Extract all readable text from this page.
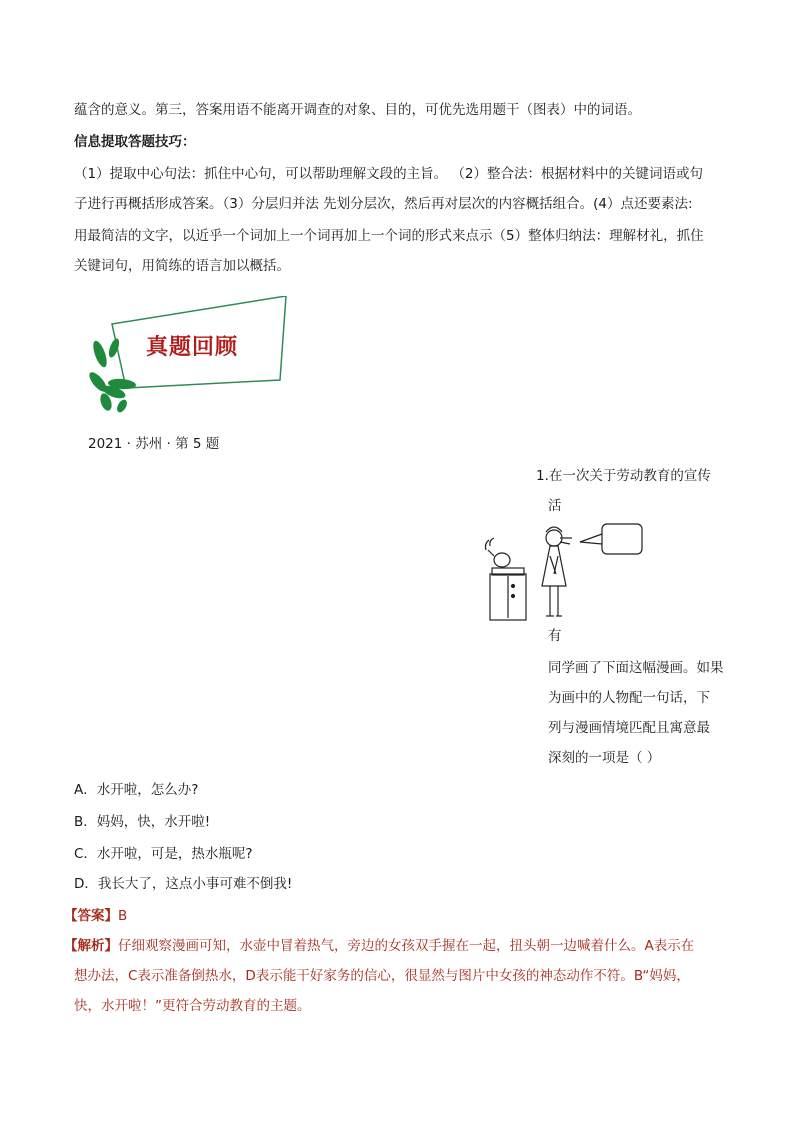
蕴含的意义。第三，答案用语不能离开调查的对象、目的，可优先选用题干（图表）中的词语。
信息提取答题技巧：
（1）提取中心句法：抓住中心句，可以帮助理解文段的主旨。 （2）整合法：根据材料中的关键词语或句
子进行再概括形成答案。（3）分层归并法 先划分层次，然后再对层次的内容概括组合。(4）点还要素法:
用最简洁的文字，以近乎一个词加上一个词再加上一个词的形式来点示（5）整体归纳法：理解材礼，抓住
关键词句，用简练的语言加以概括。
真题回顾
2021 · 苏州 · 第 5 题
1.在一次关于劳动教育的宣传
活
有
同学画了下面这幅漫画。如果
为画中的人物配一句话，下
列与漫画情境匹配且寓意最
深刻的一项是（ ）
A．水开啦，怎么办?
B．妈妈，快，水开啦!
C．水开啦，可是，热水瓶呢?
D．我长大了，这点小事可难不倒我!
【答案】B
【解析】仔细观察漫画可知，水壶中冒着热气，旁边的女孩双手握在一起，扭头朝一边喊着什么。A表示在
想办法，C表示准备倒热水，D表示能干好家务的信心，很显然与图片中女孩的神态动作不符。B“妈妈，
快，水开啦！”更符合劳动教育的主题。
